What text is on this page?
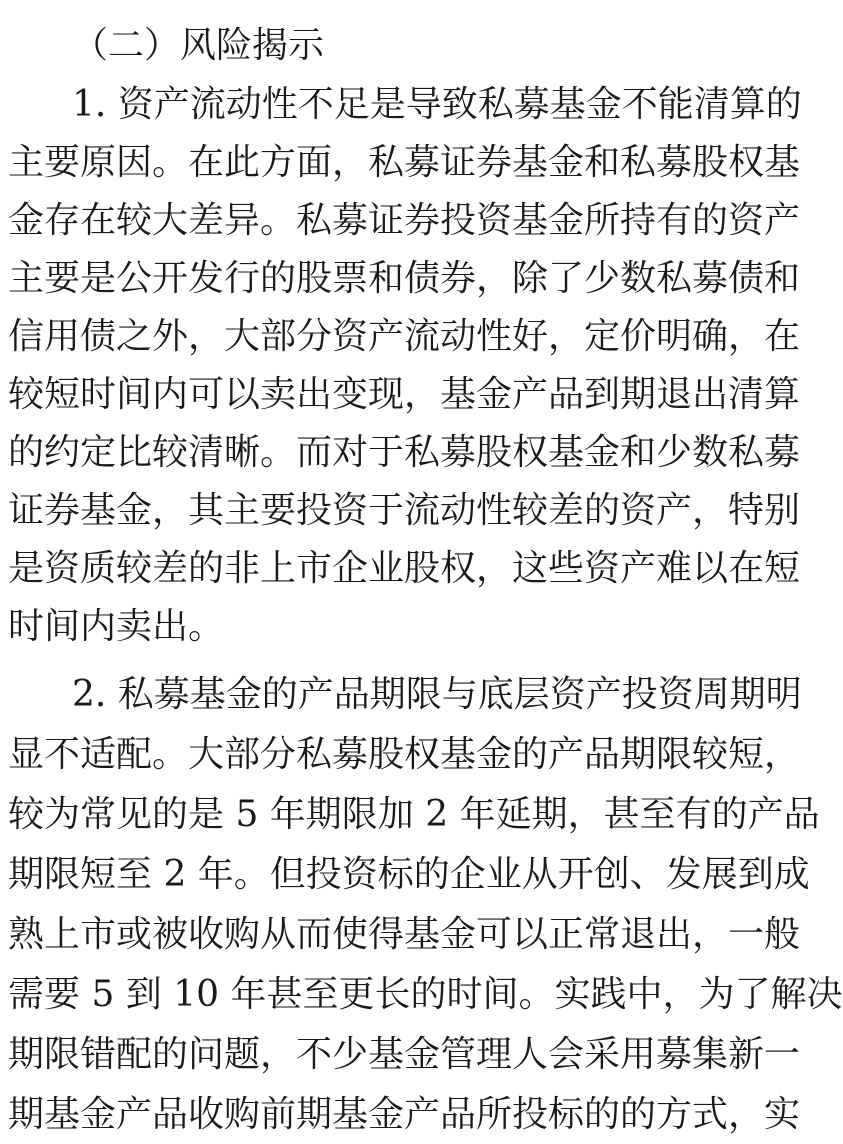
（二）风险揭示
1. 资产流动性不足是导致私募基金不能清算的
主要原因。在此方面，私募证券基金和私募股权基
金存在较大差异。私募证券投资基金所持有的资产
主要是公开发行的股票和债券，除了少数私募债和
信用债之外，大部分资产流动性好，定价明确，在
较短时间内可以卖出变现，基金产品到期退出清算
的约定比较清晰。而对于私募股权基金和少数私募
证券基金，其主要投资于流动性较差的资产，特别
是资质较差的非上市企业股权，这些资产难以在短
时间内卖出。
2. 私募基金的产品期限与底层资产投资周期明
显不适配。大部分私募股权基金的产品期限较短，
较为常见的是 5 年期限加 2 年延期，甚至有的产品
期限短至 2 年。但投资标的企业从开创、发展到成
熟上市或被收购从而使得基金可以正常退出，一般
需要 5 到 10 年甚至更长的时间。实践中，为了解决
期限错配的问题，不少基金管理人会采用募集新一
期基金产品收购前期基金产品所投标的的方式，实
